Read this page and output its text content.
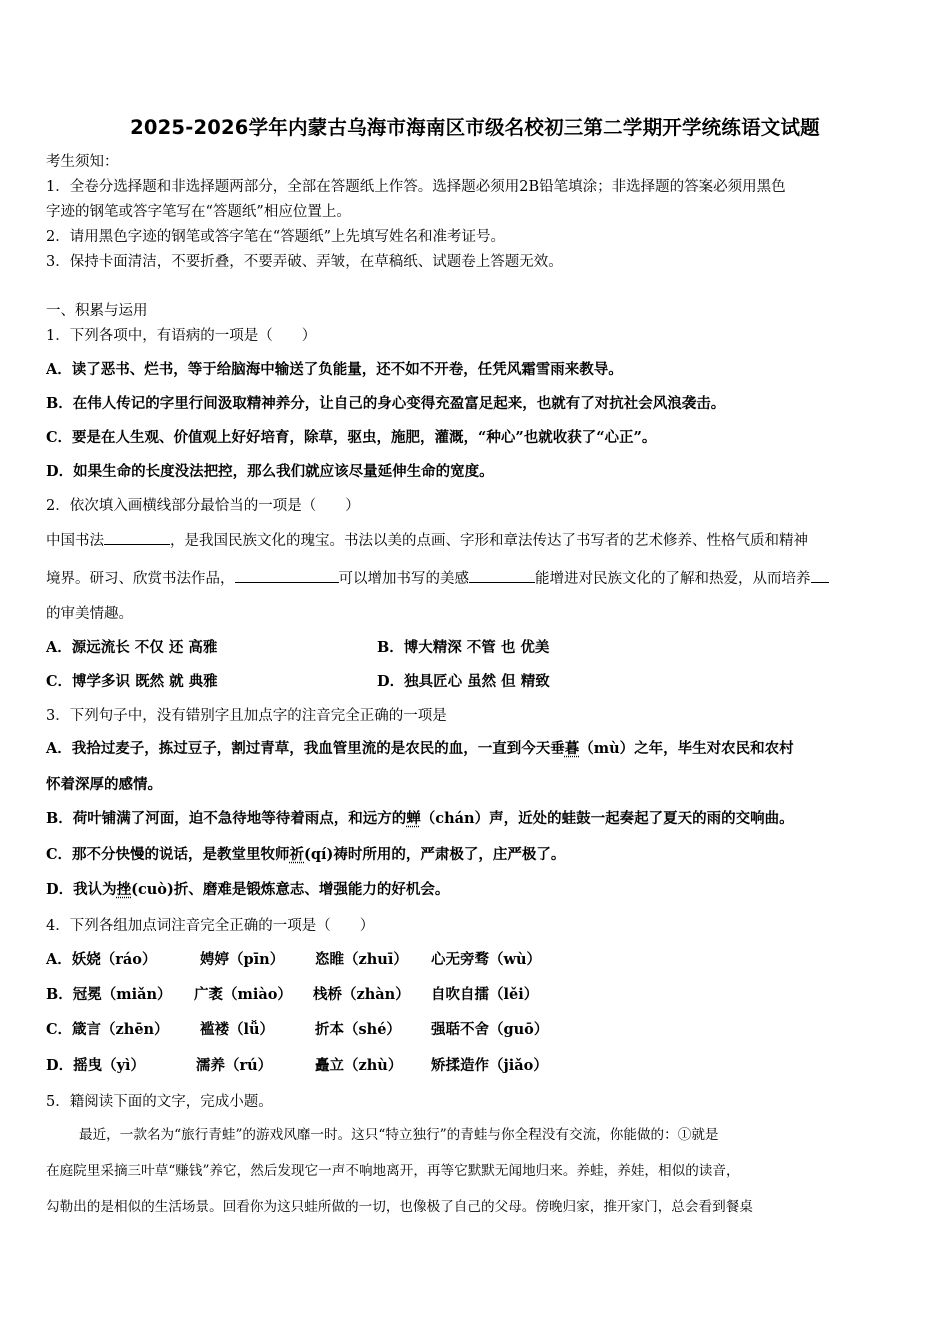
2025-2026学年内蒙古乌海市海南区市级名校初三第二学期开学统练语文试题
考生须知：
1．全卷分选择题和非选择题两部分，全部在答题纸上作答。选择题必须用2B铅笔填涂；非选择题的答案必须用黑色
字迹的钢笔或答字笔写在“答题纸”相应位置上。
2．请用黑色字迹的钢笔或答字笔在“答题纸”上先填写姓名和准考证号。
3．保持卡面清洁，不要折叠，不要弄破、弄皱，在草稿纸、试题卷上答题无效。
一、积累与运用
1．下列各项中，有语病的一项是（　　）
A．读了恶书、烂书，等于给脑海中输送了负能量，还不如不开卷，任凭风霜雪雨来教导。
B．在伟人传记的字里行间汲取精神养分，让自己的身心变得充盈富足起来，也就有了对抗社会风浪袭击。
C．要是在人生观、价值观上好好培育，除草，驱虫，施肥，灌溉，“种心”也就收获了“心正”。
D．如果生命的长度没法把控，那么我们就应该尽量延伸生命的宽度。
2．依次填入画横线部分最恰当的一项是（　　）
中国书法	，是我国民族文化的瑰宝。书法以美的点画、字形和章法传达了书写者的艺术修养、性格气质和精神
境界。研习、欣赏书法作品，	可以增加书写的美感	能增进对民族文化的了解和热爱，从而培养
的审美情趣。
A．源远流长 不仅 还 高雅	B．博大精深 不管 也 优美
C．博学多识 既然 就 典雅	D．独具匠心 虽然 但 精致
3．下列句子中，没有错别字且加点字的注音完全正确的一项是
A．我拾过麦子，拣过豆子，割过青草，我血管里流的是农民的血，一直到今天垂暮（mù）之年，毕生对农民和农村
怀着深厚的感情。
B．荷叶铺满了河面，迫不急待地等待着雨点，和远方的蝉（chán）声，近处的蛙鼓一起奏起了夏天的雨的交响曲。
C．那不分快慢的说话，是教堂里牧师祈(qí)祷时所用的，严肃极了，庄严极了。
D．我认为挫(cuò)折、磨难是锻炼意志、增强能力的好机会。
4．下列各组加点词注音完全正确的一项是（　　）
A．妖娆（ráo）	娉婷（pīn） 恣睢（zhuī） 心无旁骛（wù）
B．冠冕（miǎn） 广袤（miào） 栈桥（zhàn） 自吹自擂（lěi）
C．箴言（zhēn） 褴褛（lǚ）	折本（shé） 强聒不舍（guō）
D．摇曳（yì）	濡养（rú）	矗立（zhù） 矫揉造作（jiǎo）
5．籍阅读下面的文字，完成小题。
最近，一款名为“旅行青蛙”的游戏风靡一时。这只“特立独行”的青蛙与你全程没有交流，你能做的：①就是
在庭院里采摘三叶草“赚钱”养它，然后发现它一声不响地离开，再等它默默无闻地归来。养蛙，养娃，相似的读音，
勾勒出的是相似的生活场景。回看你为这只蛙所做的一切，也像极了自己的父母。傍晚归家，推开家门，总会看到餐桌
